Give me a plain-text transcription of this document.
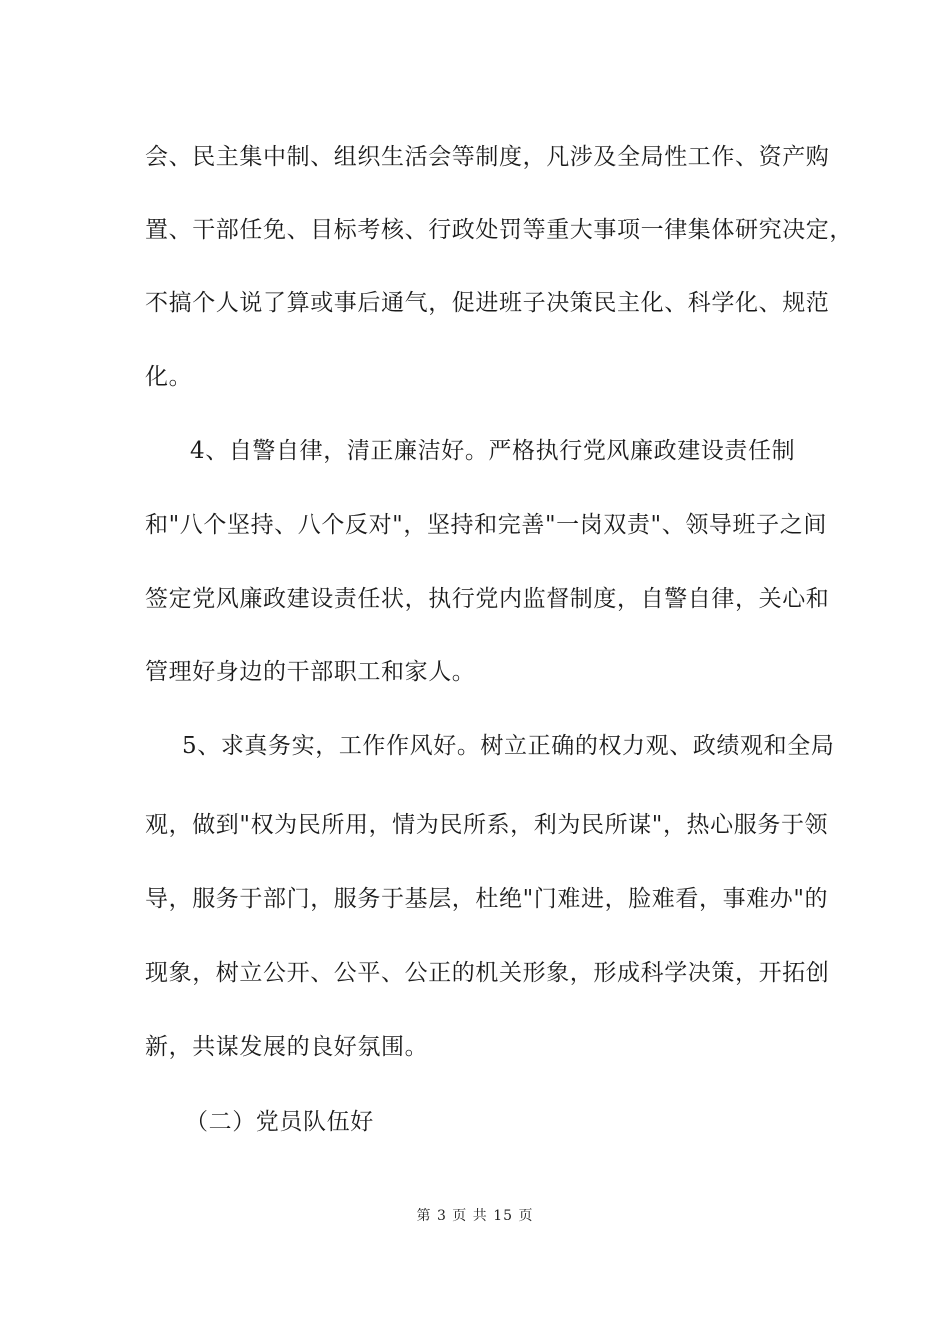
会、民主集中制、组织生活会等制度，凡涉及全局性工作、资产购
置、干部任免、目标考核、行政处罚等重大事项一律集体研究决定，
不搞个人说了算或事后通气，促进班子决策民主化、科学化、规范
化。
4、自警自律，清正廉洁好。严格执行党风廉政建设责任制
和"八个坚持、八个反对"，坚持和完善"一岗双责"、领导班子之间
签定党风廉政建设责任状，执行党内监督制度，自警自律，关心和
管理好身边的干部职工和家人。
5、求真务实，工作作风好。树立正确的权力观、政绩观和全局
观，做到"权为民所用，情为民所系，利为民所谋"，热心服务于领
导，服务于部门，服务于基层，杜绝"门难进，脸难看，事难办"的
现象，树立公开、公平、公正的机关形象，形成科学决策，开拓创
新，共谋发展的良好氛围。
（二）党员队伍好
第 3 页 共 15 页
